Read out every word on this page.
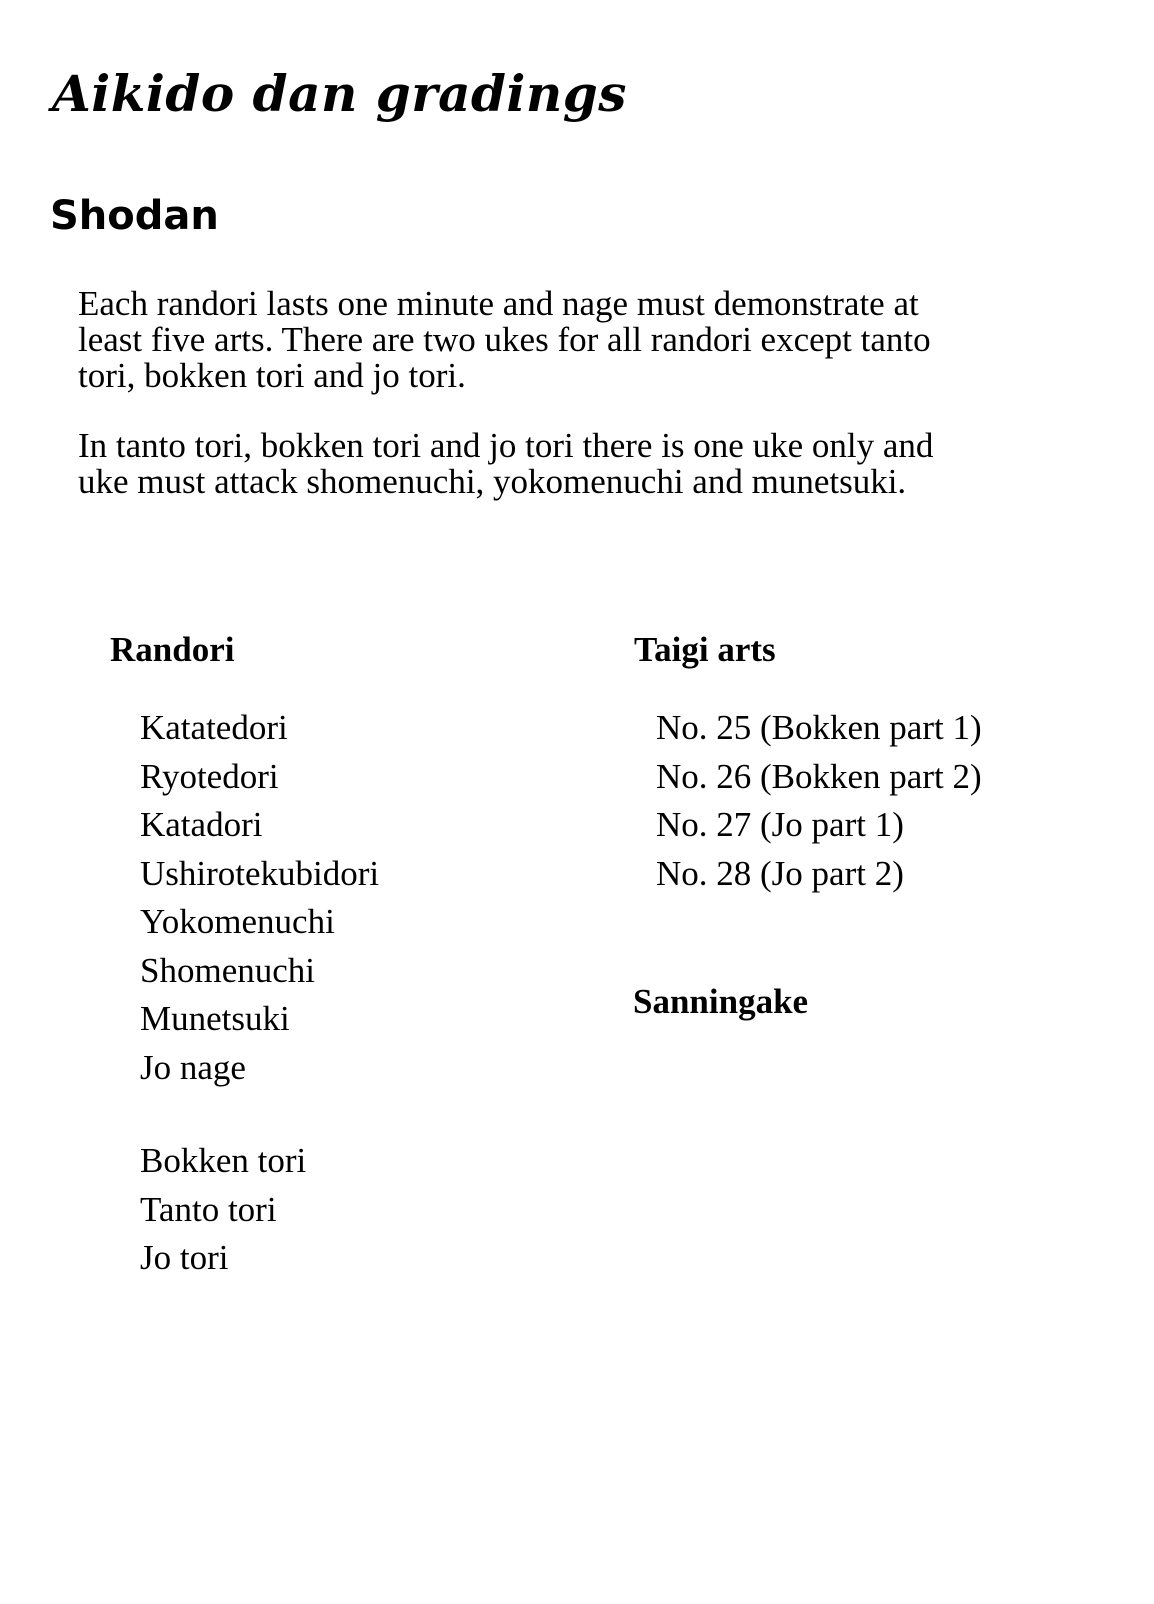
Aikido dan gradings
Shodan

Each randori lasts one minute and nage must demonstrate at
least five arts. There are two ukes for all randori except tanto
tori, bokken tori and jo tori.

In tanto tori, bokken tori and jo tori there is one uke only and
uke must attack shomenuchi, yokomenuchi and munetsuki.

Randori
Katatedori
Ryotedori
Katadori
Ushirotekubidori
Yokomenuchi
Shomenuchi
Munetsuki
Jo nage
Bokken tori
Tanto tori
Jo tori
Taigi arts
No. 25 (Bokken part 1)
No. 26 (Bokken part 2)
No. 27 (Jo part 1)
No. 28 (Jo part 2)
Sanningake
